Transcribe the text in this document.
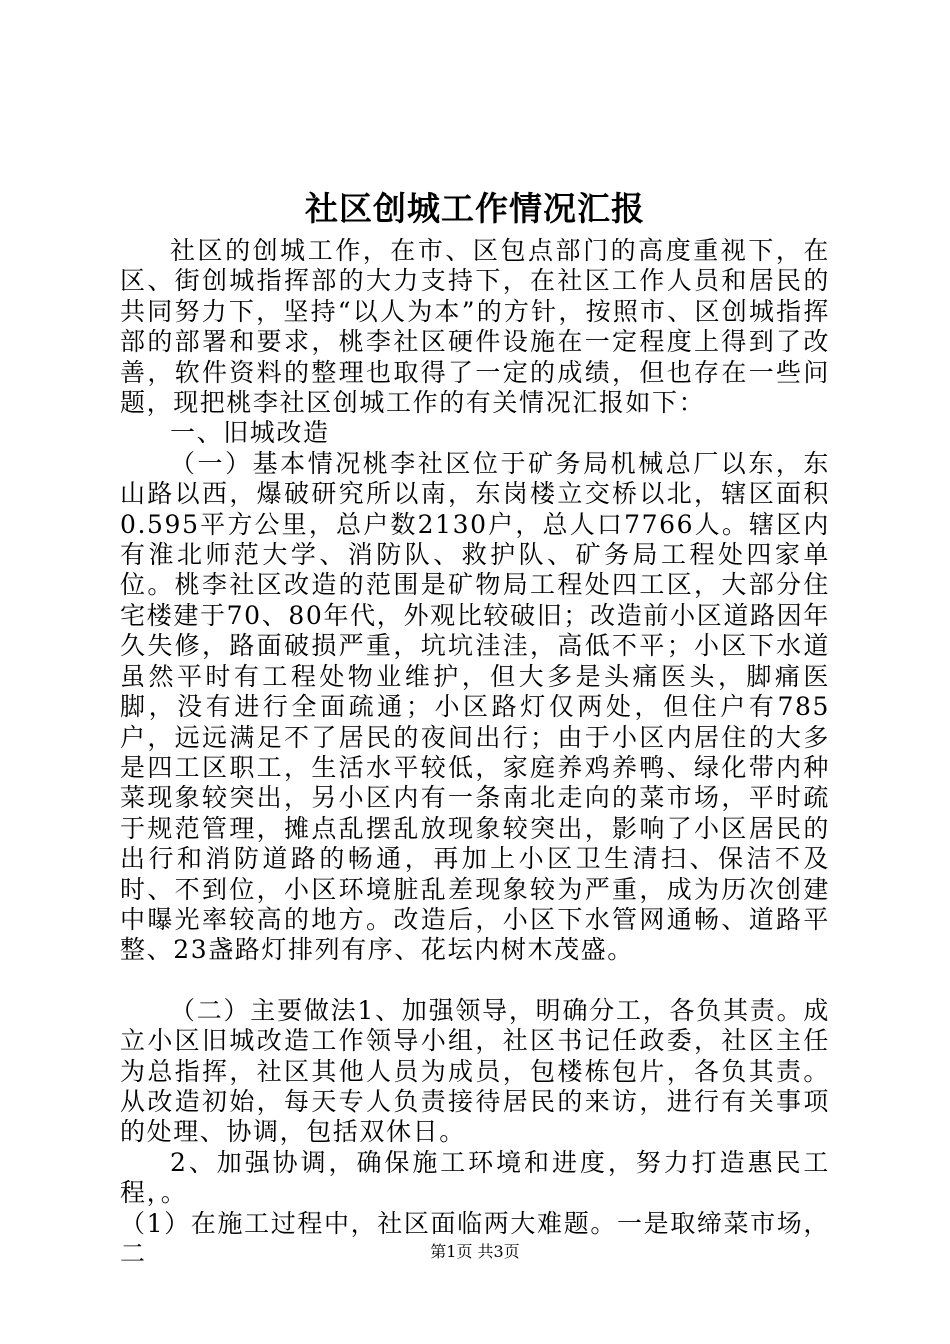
社区创城工作情况汇报

社区的创城工作，在市、区包点部门的高度重视下，在区、街创城指挥部的大力支持下，在社区工作人员和居民的共同努力下，坚持“以人为本”的方针，按照市、区创城指挥部的部署和要求，桃李社区硬件设施在一定程度上得到了改善，软件资料的整理也取得了一定的成绩，但也存在一些问题，现把桃李社区创城工作的有关情况汇报如下：

一、旧城改造

（一）基本情况桃李社区位于矿务局机械总厂以东，东山路以西，爆破研究所以南，东岗楼立交桥以北，辖区面积0.595平方公里，总户数2130户，总人口7766人。辖区内有淮北师范大学、消防队、救护队、矿务局工程处四家单位。桃李社区改造的范围是矿物局工程处四工区，大部分住宅楼建于70、80年代，外观比较破旧；改造前小区道路因年久失修，路面破损严重，坑坑洼洼，高低不平；小区下水道虽然平时有工程处物业维护，但大多是头痛医头，脚痛医脚，没有进行全面疏通；小区路灯仅两处，但住户有785户，远远满足不了居民的夜间出行；由于小区内居住的大多是四工区职工，生活水平较低，家庭养鸡养鸭、绿化带内种菜现象较突出，另小区内有一条南北走向的菜市场，平时疏于规范管理，摊点乱摆乱放现象较突出，影响了小区居民的出行和消防道路的畅通，再加上小区卫生清扫、保洁不及时、不到位，小区环境脏乱差现象较为严重，成为历次创建中曝光率较高的地方。改造后，小区下水管网通畅、道路平整、23盏路灯排列有序、花坛内树木茂盛。

（二）主要做法1、加强领导，明确分工，各负其责。成立小区旧城改造工作领导小组，社区书记任政委，社区主任为总指挥，社区其他人员为成员，包楼栋包片，各负其责。从改造初始，每天专人负责接待居民的来访，进行有关事项的处理、协调，包括双休日。

2、加强协调，确保施工环境和进度，努力打造惠民工程，。

（1）在施工过程中，社区面临两大难题。一是取缔菜市场，二	第1页 共3页
